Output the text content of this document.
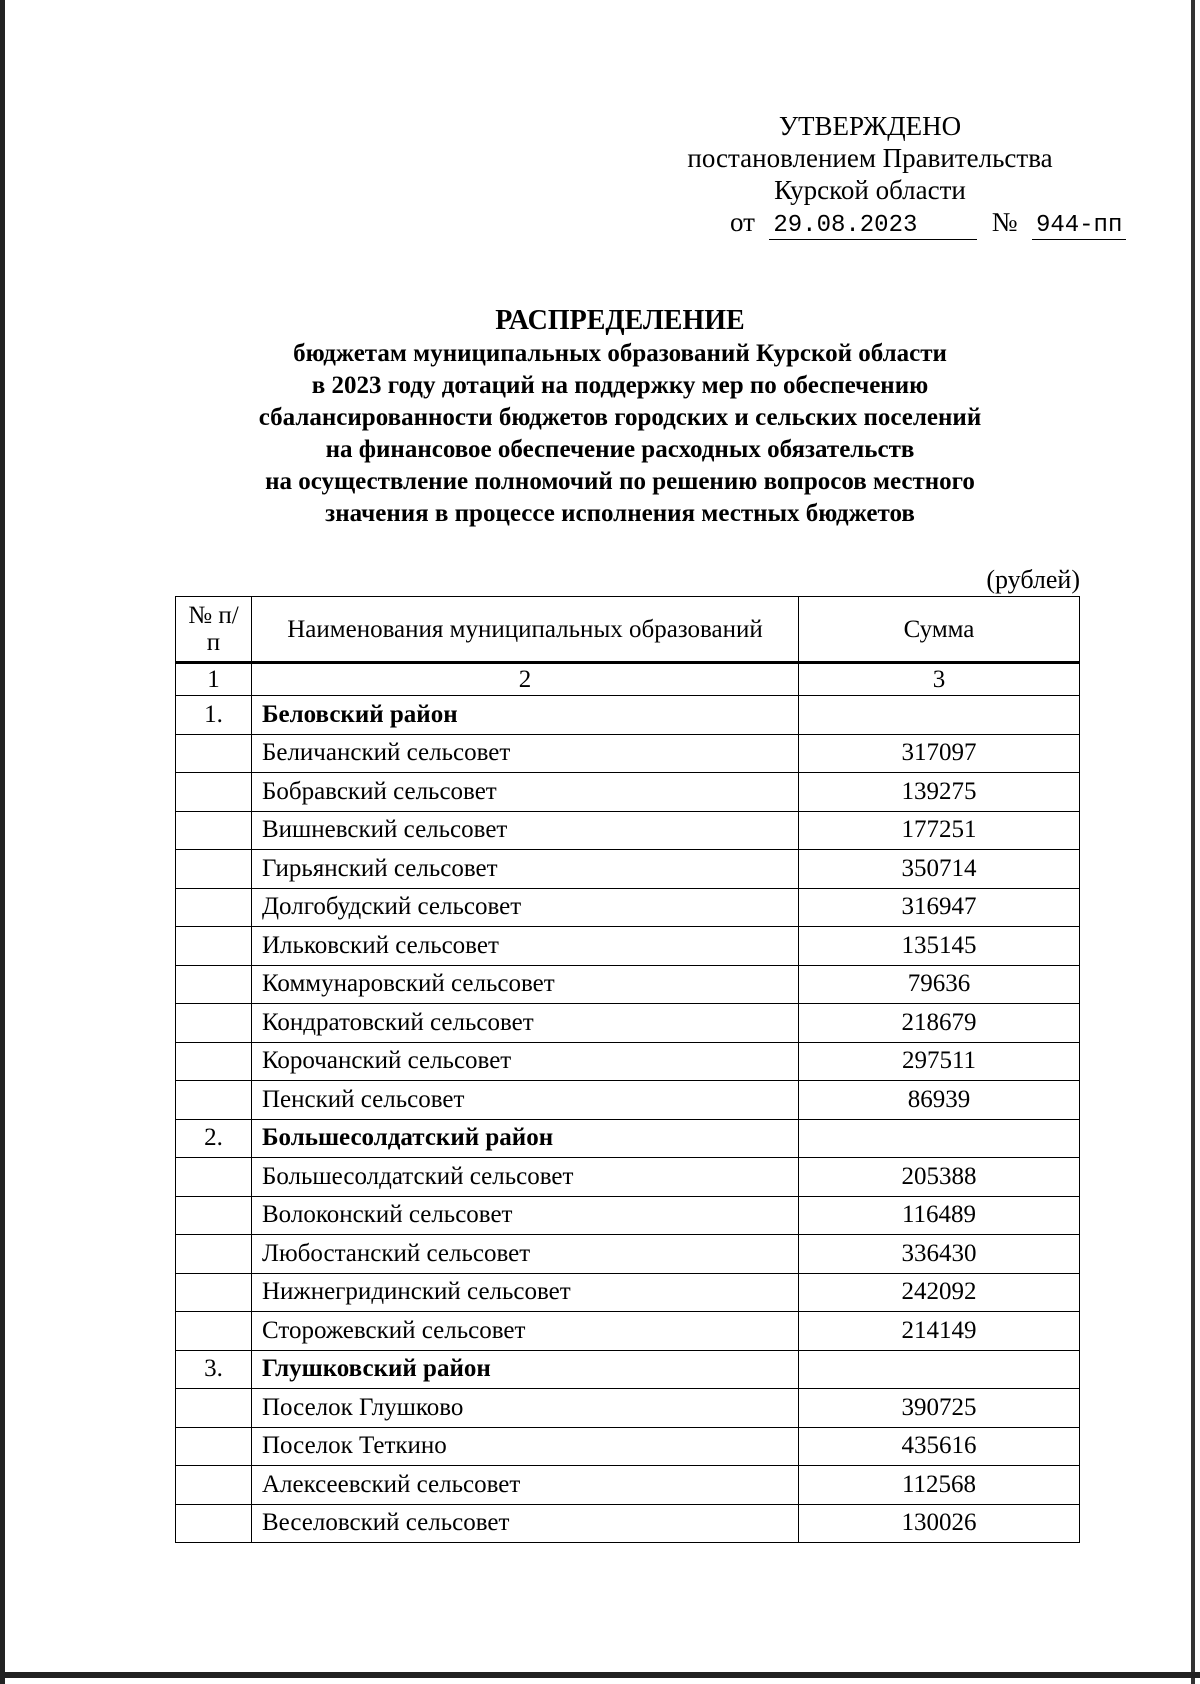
УТВЕРЖДЕНО
постановлением Правительства
Курской области
от 29.08.2023	№ 944-пп
РАСПРЕДЕЛЕНИЕ
бюджетам муниципальных образований Курской области
в 2023 году дотаций на поддержку мер по обеспечению
сбалансированности бюджетов городских и сельских поселений
на финансовое обеспечение расходных обязательств
на осуществление полномочий по решению вопросов местного
значения в процессе исполнения местных бюджетов
(рублей)
№ п/п	Наименования муниципальных образований	Сумма
1	2	3
1.	Беловский район	
	Беличанский сельсовет	317097
	Бобравский сельсовет	139275
	Вишневский сельсовет	177251
	Гирьянский сельсовет	350714
	Долгобудский сельсовет	316947
	Ильковский сельсовет	135145
	Коммунаровский сельсовет	79636
	Кондратовский сельсовет	218679
	Корочанский сельсовет	297511
	Пенский сельсовет	86939
2.	Большесолдатский район	
	Большесолдатский сельсовет	205388
	Волоконский сельсовет	116489
	Любостанский сельсовет	336430
	Нижнегридинский сельсовет	242092
	Сторожевский сельсовет	214149
3.	Глушковский район	
	Поселок Глушково	390725
	Поселок Теткино	435616
	Алексеевский сельсовет	112568
	Веселовский сельсовет	130026
